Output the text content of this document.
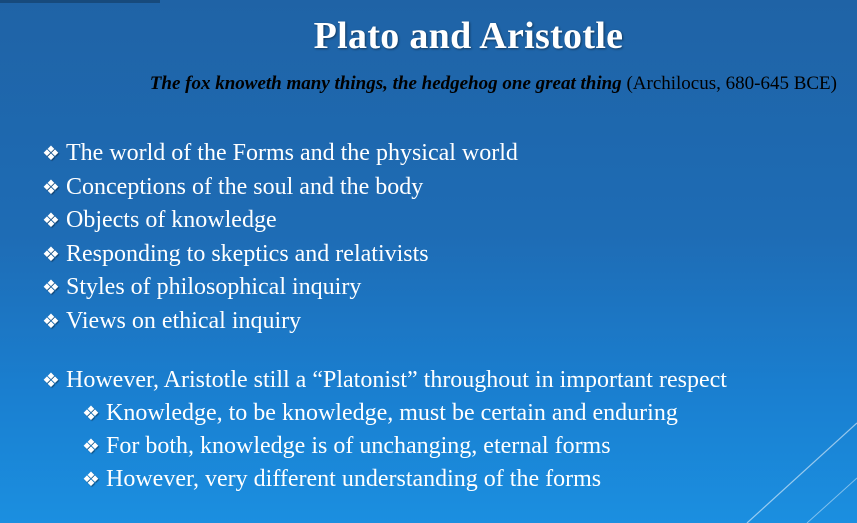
Plato and Aristotle
The fox knoweth many things, the hedgehog one great thing (Archilocus, 680-645 BCE)
❖ The world of the Forms and the physical world
❖ Conceptions of the soul and the body
❖ Objects of knowledge
❖ Responding to skeptics and relativists
❖ Styles of philosophical inquiry
❖ Views on ethical inquiry
❖ However, Aristotle still a “Platonist” throughout in important respect
❖ Knowledge, to be knowledge, must be certain and enduring
❖ For both, knowledge is of unchanging, eternal forms
❖ However, very different understanding of the forms
